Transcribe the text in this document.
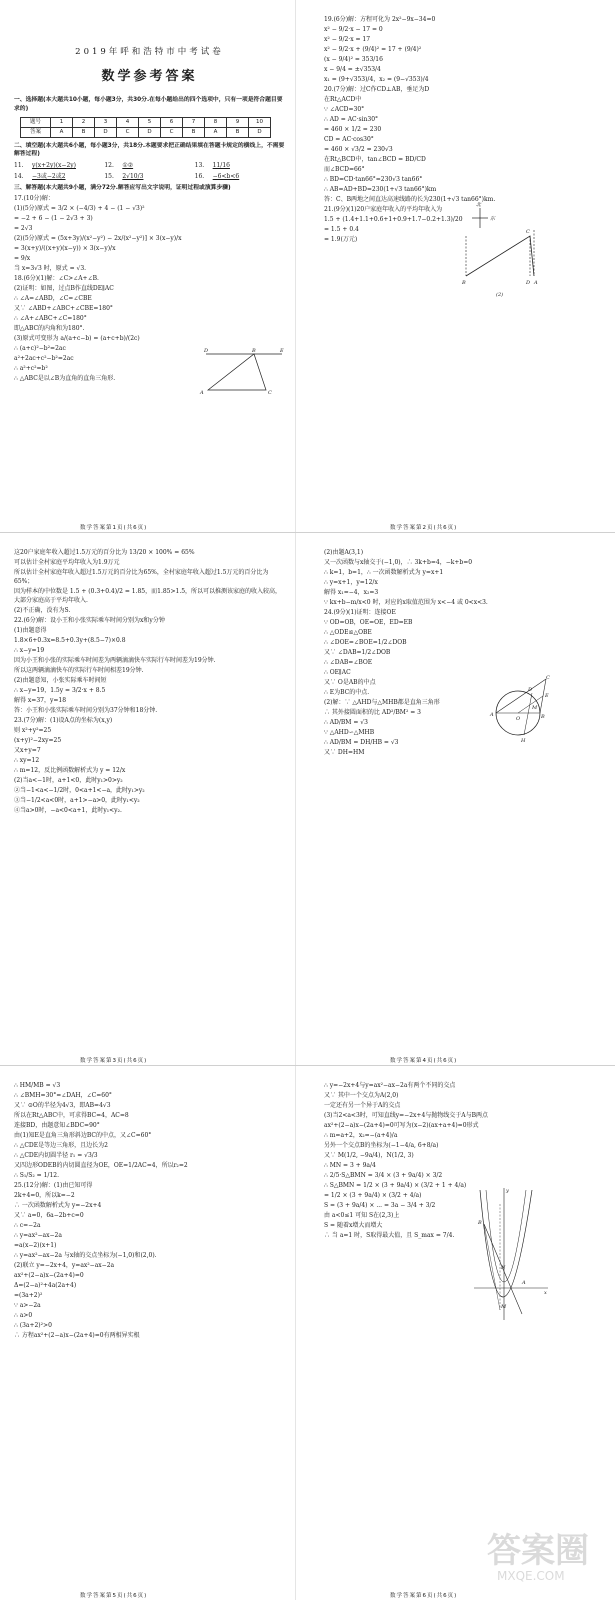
2019年呼和浩特市中考试卷
数学参考答案

一、选择题(本大题共10小题，每小题3分，共30分.在每小题给出的四个选项中，只有一项是符合题目要求的)

题号	1	2	3	4	5	6	7	8	9	10
答案	A	B	D	C	D	C	B	A	B	D

二、填空题(本大题共6小题，每小题3分，共18分.本题要求把正确结果填在答题卡规定的横线上，不需要解答过程)

11.	y(x+2y)(x−2y)	12.	①②	13.	11/16
14.	−3或−2或2	15.	2√10/3	16.	−6<b<6

三、解答题(本大题共9小题，满分72分.解答应写出文字说明，证明过程或演算步骤)

17.(10分)解：

(1)(5分)原式 = 3/2 × (−4/3) + 4 − (1 − √3)²

= −2 + 6 − (1 − 2√3 + 3)

= 2√3

(2)(5分)原式 = (5x+3y)/(x²−y²) − 2x/(x²−y²)] × 3(x−y)/x

= 3(x+y)/((x+y)(x−y)) × 3(x−y)/x

= 9/x

当 x=3√3 时，原式 = √3.

18.(6分)(1)解：∠C>∠A+∠B.

(2)证明：如图，过点B作直线DE∥AC

∴ ∠A=∠ABD，∠C=∠CBE

又∵ ∠ABD+∠ABC+∠CBE=180°

∴ ∠A+∠ABC+∠C=180°

即△ABC的内角和为180°.

(3)原式可变形为 a/(a+c−b) = (a+c+b)/(2c)

∴ (a+c)²−b²=2ac

a²+2ac+c²−b²=2ac

∴ a²+c²=b²

∴ △ABC是以∠B为直角的直角三角形.

D	B	E
A	C

19.(6分)解：方程可化为 2x²−9x−34=0

x² − 9/2·x − 17 = 0

x² − 9/2·x = 17

x² − 9/2·x + (9/4)² = 17 + (9/4)²

(x − 9/4)² = 353/16

x − 9/4 = ±√353/4

x₁ = (9+√353)/4，x₂ = (9−√353)/4

20.(7分)解：过C作CD⊥AB，垂足为D

在Rt△ACD中

∵ ∠ACD=30°

∴ AD = AC·sin30°

= 460 × 1/2 = 230

CD = AC·cos30°

= 460 × √3/2 = 230√3

在Rt△BCD中，tan∠BCD = BD/CD

而∠BCD=66°

∴ BD=CD·tan66°=230√3 tan66°

∴ AB=AD+BD=230(1+√3 tan66°)km

答：C、B两地之间直达高速线路的长为230(1+√3 tan66°)km.

21.(9分)(1)20户家庭年收入的平均年收入为

1.5 + (1.4+1.1+0.6+1+0.9+1.7−0.2+1.3)/20

= 1.5 + 0.4

= 1.9(万元)

北
东
C
B	D A
(2)
数学答案第1页(共6页)	数学答案第2页(共6页)

这20户家庭年收入超过1.5万元的百分比为 13/20 × 100% = 65%

可以估计全村家庭平均年收入为1.9万元

所以估计全村家庭年收入超过1.5万元的百分比为65%，全村家庭年收入超过1.5万元的百分比为65%；

因为样本的中位数是 1.5 + (0.3+0.4)/2 = 1.85，而1.85>1.5，所以可以推测该家庭的收入较高，大部分家庭高于平均年收入.

(2)不正确，没有为S.

22.(6分)解：设小王和小张实际乘车时间分别为x和y分钟

(1)由题意得

1.8×6+0.3x=8.5+0.3y+(8.5−7)×0.8

∴ x−y=19

因为小王和小张的实际乘车时间差为两辆滴滴快车实际行车时间差为19分钟.

所以这两辆滴滴快车的实际行车时间相差19分钟.

(2)由题意知，小张实际乘车时间短

∴ x−y=19，1.5y = 3/2·x + 8.5

解得 x=37，y=18

答：小王和小张实际乘车时间分别为37分钟和18分钟.

23.(7分)解：(1)设A点的坐标为(x,y)

则 x²+y²=25

(x+y)²−2xy=25

又x+y=7

∴ xy=12

∴ m=12，反比例函数解析式为 y = 12/x

(2)当a<−1时，a+1<0，此时y₁>0>y₂

②当−1<a<−1/2时，0<a+1<−a，此时y₁>y₂

③当−1/2<a<0时，a+1>−a>0，此时y₁<y₂

④当a>0时，−a<0<a+1，此时y₁<y₂.

(2)由题A(3,1)

又一次函数与x轴交于(−1,0)，∴ 3k+b=4，−k+b=0

∴ k=1，b=1，∴ 一次函数解析式为 y=x+1

∴ y=x+1，y=12/x

解得 x₁=−4，x₂=3

∵ kx+b−m/x<0 时，对应的x取值范围为 x<−4 或 0<x<3.

24.(9分)(1)证明：连接OE

∵ OD=OB，OE=OE，ED=EB

∴ △ODE≌△OBE

∴ ∠DOE=∠BOE=1/2∠DOB

又∵ ∠DAB=1/2∠DOB

∴ ∠DAB=∠BOE

∴ OE∥AC

又∵ O是AB的中点

∴ E为BC的中点.

(2)解：∵ △AHD与△MHB都是直角三角形

∴ 其外接圆面积的比 AD²/BM² = 3

∴ AD/BM = √3

∵ △AHD∽△MHB

∴ AD/BM = DH/HB = √3

又∵ DH=HM

C
D
E
A
O	B
M
H
数学答案第3页(共6页)	数学答案第4页(共6页)

∴ HM/MB = √3

∴ ∠BMH=30°=∠DAH，∠C=60°

又∵ ⊙O的半径为4√3，即AB=4√3

所以在Rt△ABC中，可求得BC=4，AC=8

连接BD，由题意知∠BDC=90°

由(1)知E是直角三角形斜边BC的中点，又∠C=60°

∴ △CDE是等边三角形，且边长为2

∴ △CDE内切圆半径 r₁ = √3/3

又四边形ODEB的内切圆直径为OE，OE=1/2AC=4，所以r₂=2

∴ S₁/S₂ = 1/12.

25.(12分)解：(1)由已知可得

2k+4=0，所以k=−2

∴ 一次函数解析式为 y=−2x+4

又∵ a=0，6a−2b+c=0

∴ c=−2a

∴ y=ax²−ax−2a

=a(x−2)(x+1)

∴ y=ax²−ax−2a 与x轴的交点坐标为(−1,0)和(2,0).

(2)联立 y=−2x+4，y=ax²−ax−2a

ax²+(2−a)x−(2a+4)=0

Δ=(2−a)²+4a(2a+4)

=(3a+2)²

∵ a>−2a

∴ a>0

∴ (3a+2)²>0

∴ 方程ax²+(2−a)x−(2a+4)=0有两相异实根

∴ y=−2x+4与y=ax²−ax−2a有两个不同的交点

又∵ 其中一个交点为A(2,0)

一定还有另一个异于A的交点

(3)当2<a<3时，可知直线y=−2x+4与抛物线交于A与B两点

ax²+(2−a)x−(2a+4)=0可写为(x−2)(ax+a+4)=0形式

∴ m=a+2，x₂=−(a+4)/a

另外一个交点B的坐标为(−1−4/a, 6+8/a)

又∵ M(1/2, −9a/4)，N(1/2, 3)

∴ MN = 3 + 9a/4

∴ 2/5·S△BMN = 3/4 × (3 + 9a/4) × 3/2

∴ S△BMN = 1/2 × (3 + 9a/4) × (3/2 + 1 + 4/a)

= 1/2 × (3 + 9a/4) × (3/2 + 4/a)

S = (3 + 9a/4) × ... = 3a − 3/4 + 3/2

由 a<0≤1 可知 S在(2,3)上

S = 随着x增大而增大

∴ 当 a=1 时，S取得最大值，且 S_max = 7/4.

x
y
B
N
M
A
数学答案第5页(共6页)	数学答案第6页(共6页)
答案圈
MXQE.COM
